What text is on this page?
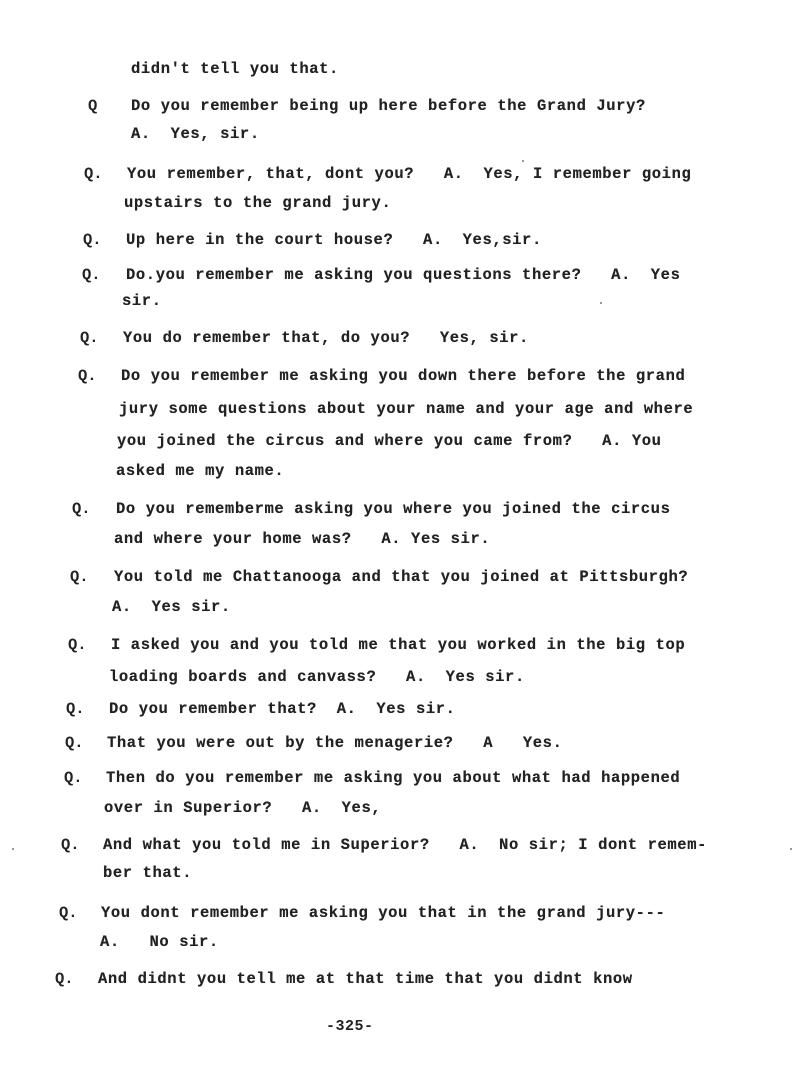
didn't tell you that.
Q Do you remember being up here before the Grand Jury?
A.  Yes, sir.
Q. You remember, that, dont you?   A.  Yes, I remember going
upstairs to the grand jury.
Q. Up here in the court house?   A.  Yes,sir.
Q. Do.you remember me asking you questions there?   A.  Yes
sir.
Q. You do remember that, do you?   Yes, sir.
Q. Do you remember me asking you down there before the grand
jury some questions about your name and your age and where
you joined the circus and where you came from?   A. You
asked me my name.
Q. Do you rememberme asking you where you joined the circus
and where your home was?   A. Yes sir.
Q. You told me Chattanooga and that you joined at Pittsburgh?
A.  Yes sir.
Q. I asked you and you told me that you worked in the big top
loading boards and canvass?   A.  Yes sir.
Q. Do you remember that?  A.  Yes sir.
Q. That you were out by the menagerie?   A   Yes.
Q. Then do you remember me asking you about what had happened
over in Superior?   A.  Yes,
Q. And what you told me in Superior?   A.  No sir; I dont remem-
ber that.
Q. You dont remember me asking you that in the grand jury---
A.   No sir.
Q. And didnt you tell me at that time that you didnt know
-325-
